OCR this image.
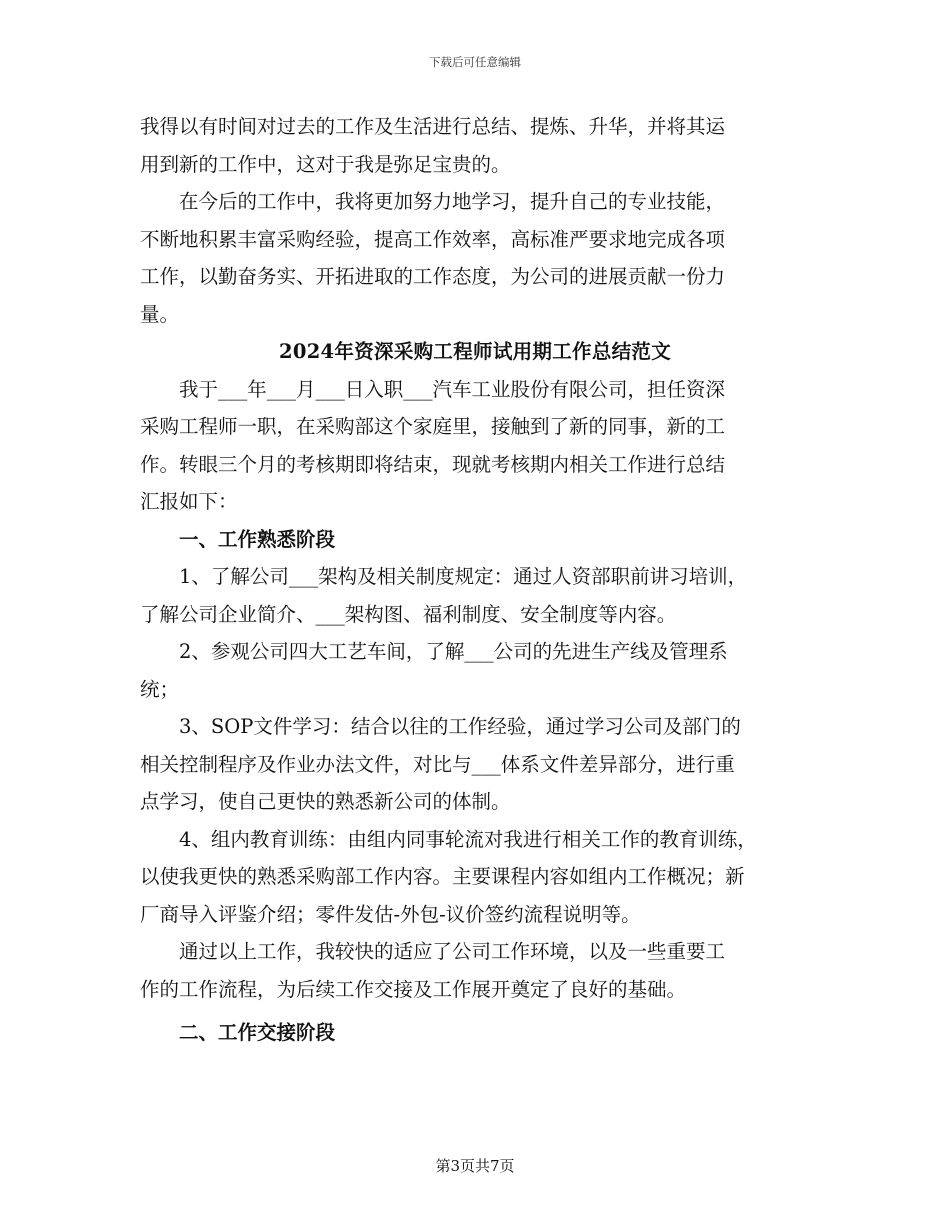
下载后可任意编辑

我得以有时间对过去的工作及生活进行总结、提炼、升华，并将其运
用到新的工作中，这对于我是弥足宝贵的。

在今后的工作中，我将更加努力地学习，提升自己的专业技能，
不断地积累丰富采购经验，提高工作效率，高标准严要求地完成各项
工作，以勤奋务实、开拓进取的工作态度，为公司的进展贡献一份力
量。

2024年资深采购工程师试用期工作总结范文

我于___年___月___日入职___汽车工业股份有限公司，担任资深
采购工程师一职，在采购部这个家庭里，接触到了新的同事，新的工
作。转眼三个月的考核期即将结束，现就考核期内相关工作进行总结
汇报如下：

一、工作熟悉阶段

1、了解公司___架构及相关制度规定：通过人资部职前讲习培训，
了解公司企业简介、___架构图、福利制度、安全制度等内容。

2、参观公司四大工艺车间，了解___公司的先进生产线及管理系
统；

3、SOP文件学习：结合以往的工作经验，通过学习公司及部门的
相关控制程序及作业办法文件，对比与___体系文件差异部分，进行重
点学习，使自己更快的熟悉新公司的体制。

4、组内教育训练：由组内同事轮流对我进行相关工作的教育训练，
以使我更快的熟悉采购部工作内容。主要课程内容如组内工作概况；新
厂商导入评鉴介绍；零件发估-外包-议价签约流程说明等。

通过以上工作，我较快的适应了公司工作环境，以及一些重要工
作的工作流程，为后续工作交接及工作展开奠定了良好的基础。

二、工作交接阶段

第3页共7页
